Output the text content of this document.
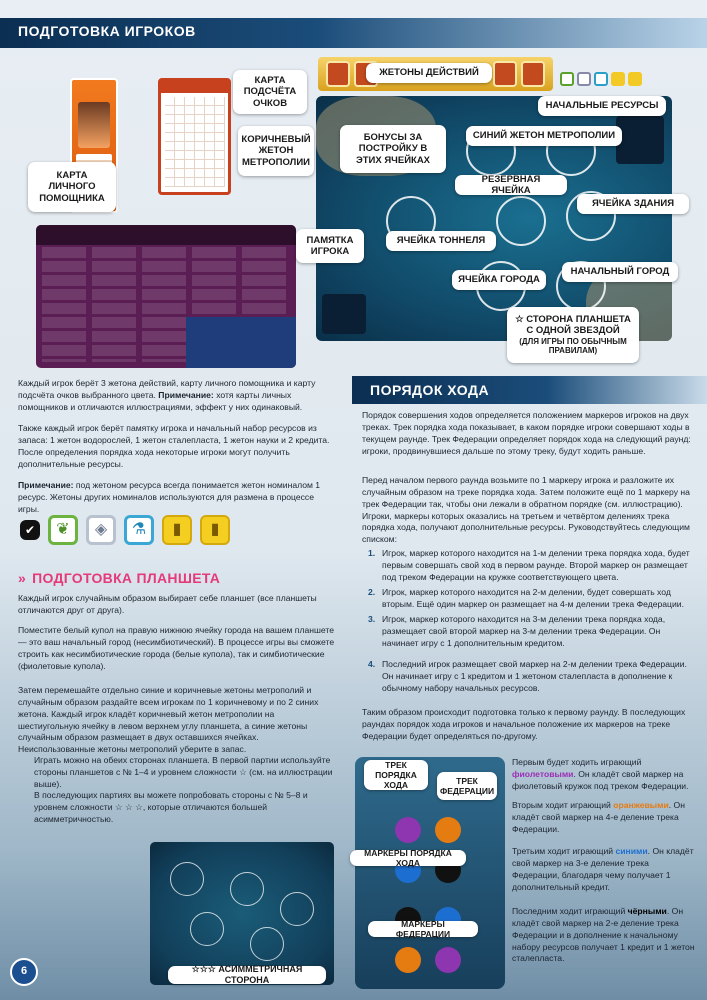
ПОДГОТОВКА ИГРОКОВ
КАРТА ЛИЧНОГО ПОМОЩНИКА
КАРТА ПОДСЧЁТА ОЧКОВ
КОРИЧНЕВЫЙ ЖЕТОН МЕТРОПОЛИИ
ЖЕТОНЫ ДЕЙСТВИЙ
НАЧАЛЬНЫЕ РЕСУРСЫ
БОНУСЫ ЗА ПОСТРОЙКУ В ЭТИХ ЯЧЕЙКАХ
СИНИЙ ЖЕТОН МЕТРОПОЛИИ
РЕЗЕРВНАЯ ЯЧЕЙКА
ЯЧЕЙКА ЗДАНИЯ
ЯЧЕЙКА ТОННЕЛЯ
ЯЧЕЙКА ГОРОДА
НАЧАЛЬНЫЙ ГОРОД
☆ СТОРОНА ПЛАНШЕТА С ОДНОЙ ЗВЕЗДОЙ
(ДЛЯ ИГРЫ ПО ОБЫЧНЫМ ПРАВИЛАМ)
ПАМЯТКА ИГРОКА
Каждый игрок берёт 3 жетона действий, карту личного помощника и карту подсчёта очков выбранного цвета. Примечание: хотя карты личных помощников и отличаются иллюстрациями, эффект у них одинаковый.
Также каждый игрок берёт памятку игрока и начальный набор ресурсов из запаса: 1 жетон водорослей, 1 жетон сталепласта, 1 жетон науки и 2 кредита. После определения порядка хода некоторые игроки могут получить дополнительные ресурсы.
Примечание: под жетоном ресурса всегда понимается жетон номиналом 1 ресурс. Жетоны других номиналов используются для размена в процессе игры.
✔	❦	◈	⚗	▮	▮
» ПОДГОТОВКА ПЛАНШЕТА
Каждый игрок случайным образом выбирает себе планшет (все планшеты отличаются друг от друга).
Поместите белый купол на правую нижнюю ячейку города на вашем планшете — это ваш начальный город (несимбиотический). В процессе игры вы сможете строить как несимбиотические города (белые купола), так и симбиотические (фиолетовые купола).
Затем перемешайте отдельно синие и коричневые жетоны метрополий и случайным образом раздайте всем игрокам по 1 коричневому и по 2 синих жетона. Каждый игрок кладёт коричневый жетон метрополии на шестиугольную ячейку в левом верхнем углу планшета, а синие жетоны случайным образом размещает в двух оставшихся ячейках. Неиспользованные жетоны метрополий уберите в запас.
Играть можно на обеих сторонах планшета. В первой партии используйте стороны планшетов с № 1–4 и уровнем сложности ☆ (см. на иллюстрации выше).
В последующих партиях вы можете попробовать стороны с № 5–8 и уровнем сложности ☆ ☆ ☆, которые отличаются большей асимметричностью.
☆☆☆ АСИММЕТРИЧНАЯ СТОРОНА
ПОРЯДОК ХОДА
Порядок совершения ходов определяется положением маркеров игроков на двух треках. Трек порядка хода показывает, в каком порядке игроки совершают ходы в текущем раунде. Трек Федерации определяет порядок хода на следующий раунд: игроки, продвинувшиеся дальше по этому треку, будут ходить раньше.
Перед началом первого раунда возьмите по 1 маркеру игрока и разложите их случайным образом на треке порядка хода. Затем положите ещё по 1 маркеру на трек Федерации так, чтобы они лежали в обратном порядке (см. иллюстрацию). Игроки, маркеры которых оказались на третьем и четвёртом делениях трека порядка хода, получают дополнительные ресурсы. Руководствуйтесь следующим списком:
1. Игрок, маркер которого находится на 1-м делении трека порядка хода, будет первым совершать свой ход в первом раунде. Второй маркер он размещает под треком Федерации на кружке соответствующего цвета.
2. Игрок, маркер которого находится на 2-м делении, будет совершать ход вторым. Ещё один маркер он размещает на 4-м делении трека Федерации.
3. Игрок, маркер которого находится на 3-м делении трека порядка хода, размещает свой второй маркер на 3-м делении трека Федерации. Он начинает игру с 1 дополнительным кредитом.
4. Последний игрок размещает свой маркер на 2-м делении трека Федерации. Он начинает игру с 1 кредитом и 1 жетоном сталепласта в дополнение к обычному набору начальных ресурсов.
Таким образом происходит подготовка только к первому раунду. В последующих раундах порядок хода игроков и начальное положение их маркеров на треке Федерации будет определяться по-другому.
ТРЕК ПОРЯДКА ХОДА	ТРЕК ФЕДЕРАЦИИ
МАРКЕРЫ ПОРЯДКА ХОДА
МАРКЕРЫ ФЕДЕРАЦИИ
Первым будет ходить играющий фиолетовыми. Он кладёт свой маркер на фиолетовый кружок под треком Федерации.
Вторым ходит играющий оранжевыми. Он кладёт свой маркер на 4-е деление трека Федерации.
Третьим ходит играющий синими. Он кладёт свой маркер на 3-е деление трека Федерации, благодаря чему получает 1 дополнительный кредит.
Последним ходит играющий чёрными. Он кладёт свой маркер на 2-е деление трека Федерации и в дополнение к начальному набору ресурсов получает 1 кредит и 1 жетон сталепласта.
6
